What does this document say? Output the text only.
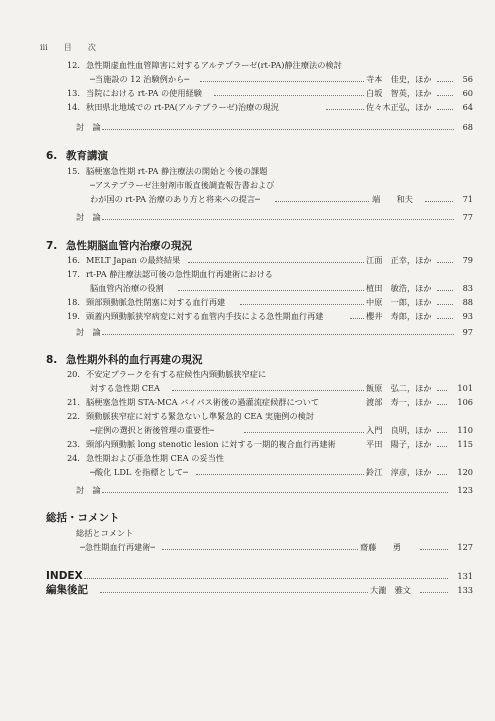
ⅲ 目 次
12. 急性期虚血性血管障害に対するアルテプラーゼ(rt-PA)静注療法の検討
─当施設の 12 治験例から─	寺本　佳史，ほか	56
13. 当院における rt-PA の使用経験	白坂　智英，ほか	60
14. 秋田県北地域での rt-PA(アルテプラーゼ)治療の現況	佐々木正弘，ほか	64
討　論	68
6. 教育講演
15. 脳梗塞急性期 rt-PA 静注療法の開始と今後の課題
─アステプラーゼ注射剤市販直後調査報告書および
わが国の rt-PA 治療のあり方と将来への提言─	端　　和夫	71
討　論	77
7. 急性期脳血管内治療の現況
16. MELT Japan の最終結果	江面　正幸，ほか	79
17. rt-PA 静注療法認可後の急性期血行再建術における
脳血管内治療の役割	植田　敏浩，ほか	83
18. 頸部頸動脈急性閉塞に対する血行再建	中原　一郎，ほか	88
19. 頭蓋内頸動脈狭窄病変に対する血管内手技による急性期血行再建	櫻井　寿郎，ほか	93
討　論	97
8. 急性期外科的血行再建の現況
20. 不安定プラークを有する症候性内頸動脈狭窄症に
対する急性期 CEA	飯原　弘二，ほか	101
21. 脳梗塞急性期 STA-MCA バイパス術後の過灌流症候群について	渡部　寿一，ほか	106
22. 頸動脈狭窄症に対する緊急ないし準緊急的 CEA 実施例の検討
─症例の選択と術後管理の重要性─	入門　良明，ほか	110
23. 頸部内頸動脈 long stenotic lesion に対する一期的複合血行再建術	平田　陽子，ほか	115
24. 急性期および亜急性期 CEA の妥当性
─酸化 LDL を指標として─	鈴江　淳彦，ほか	120
討　論	123
総括・コメント
総括とコメント
─急性期血行再建術─	齋藤　　勇	127
INDEX	131
編集後記	大瀧　雅文	133
